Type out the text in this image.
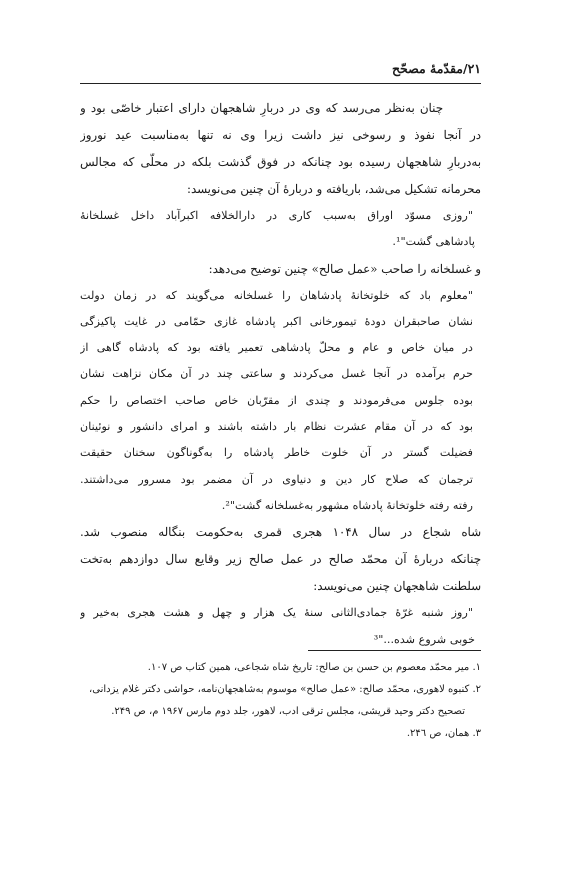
۲۱/مقدّمهٔ مصحّح
چنان به‌نظر می‌رسد که وی در دربارِ شاهجهان دارای اعتبار خاصّی بود و
در آنجا نفوذ و رسوخی نیز داشت زیرا وی نه تنها به‌مناسبت عید نوروز
به‌دربارِ شاهجهان رسیده بود چنانکه در فوق گذشت بلکه در محلّی که مجالس
محرمانه تشکیل می‌شد، باریافته و دربارهٔ آن چنین می‌نویسد:
"روزی مسوّد اوراق به‌سبب کاری در دارالخلافه اکبرآباد داخل غسلخانهٔ
پادشاهی گشت"¹.
و غسلخانه را صاحب «عمل صالح» چنین توضیح می‌دهد:
"معلوم باد که خلوتخانهٔ پادشاهان را غسلخانه می‌گویند که در زمان دولت
نشان صاحبقران دودهٔ تیمورخانی اکبر پادشاه غازی حمّامی در غایت پاکیزگی
در میان خاص و عام و محلّ پادشاهی تعمیر یافته بود که پادشاه گاهی از
حرم برآمده در آنجا غسل می‌کردند و ساعتی چند در آن مکان نزاهت نشان
بوده جلوس می‌فرمودند و چندی از مقرّبان خاص صاحب اختصاص را حکم
بود که در آن مقام عشرت نظام بار داشته باشند و امرای دانشور و نوئینان
فضیلت گستر در آن خلوت خاطر پادشاه را به‌گوناگون سخنان حقیقت
ترجمان که صلاح کار دین و دنیاوی در آن مضمر بود مسرور می‌داشتند.
رفته رفته خلوتخانهٔ پادشاه مشهور به‌غسلخانه گشت"².
شاه شجاع در سال ۱۰۴۸ هجری قمری به‌حکومت بنگاله منصوب شد.
چنانکه دربارهٔ آن محمّد صالح در عمل صالح زیر وقایع سال دوازدهم به‌تخت
سلطنت شاهجهان چنین می‌نویسد:
"روز شنبه غرّهٔ جمادی‌الثانی سنهٔ یک هزار و چهل و هشت هجری به‌خیر و
خوبی شروع شده..."³
۱. میر محمّد معصوم بن حسن بن صالح: تاریخ شاه شجاعی، همین کتاب ص ۱۰۷.
۲. کنبوه لاهوری، محمّد صالح: «عمل صالح» موسوم به‌شاهجهان‌نامه، حواشی دکتر غلام یزدانی،
تصحیح دکتر وحید قریشی، مجلس ترقی ادب، لاهور، جلد دوم مارس ۱۹۶۷ م، ص ۲۴۹.
۳. همان، ص ۲۴٦.
